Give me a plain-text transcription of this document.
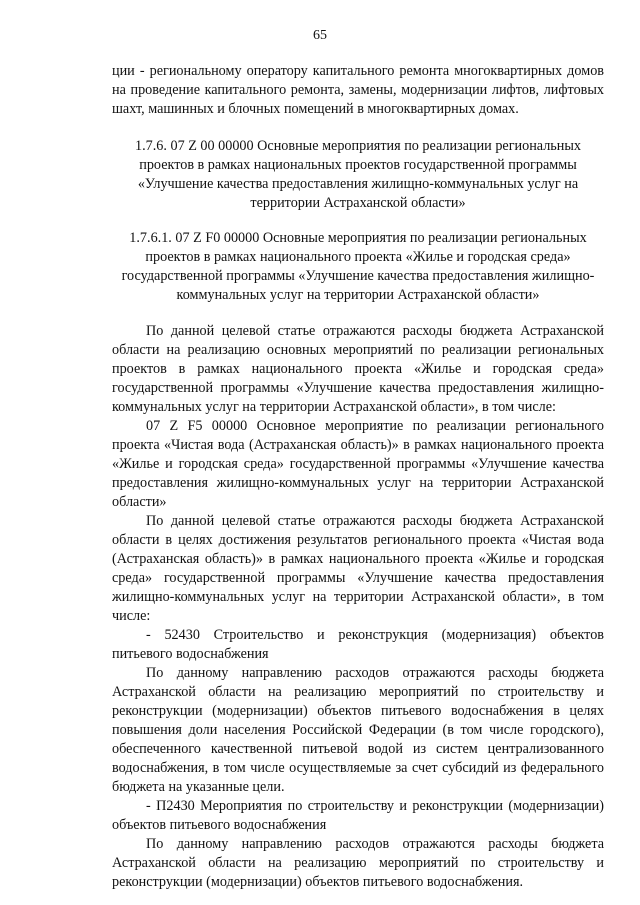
65

ции - региональному оператору капитального ремонта многоквартирных домов на проведение капитального ремонта, замены, модернизации лифтов, лифтовых шахт, машинных и блочных помещений в многоквартирных домах.

1.7.6. 07 Z 00 00000 Основные мероприятия по реализации региональных проектов в рамках национальных проектов государственной программы «Улучшение качества предоставления жилищно-коммунальных услуг на территории Астраханской области»

1.7.6.1. 07 Z F0 00000 Основные мероприятия по реализации региональных проектов в рамках национального проекта «Жилье и городская среда» государственной программы «Улучшение качества предоставления жилищно-коммунальных услуг на территории Астраханской области»

По данной целевой статье отражаются расходы бюджета Астраханской области на реализацию основных мероприятий по реализации региональных проектов в рамках национального проекта «Жилье и городская среда» государственной программы «Улучшение качества предоставления жилищно-коммунальных услуг на территории Астраханской области», в том числе:

07 Z F5 00000 Основное мероприятие по реализации регионального проекта «Чистая вода (Астраханская область)» в рамках национального проекта «Жилье и городская среда» государственной программы «Улучшение качества предоставления жилищно-коммунальных услуг на территории Астраханской области»

По данной целевой статье отражаются расходы бюджета Астраханской области в целях достижения результатов регионального проекта «Чистая вода (Астраханская область)» в рамках национального проекта «Жилье и городская среда» государственной программы «Улучшение качества предоставления жилищно-коммунальных услуг на территории Астраханской области», в том числе:

- 52430 Строительство и реконструкция (модернизация) объектов питьевого водоснабжения

По данному направлению расходов отражаются расходы бюджета Астраханской области на реализацию мероприятий по строительству и реконструкции (модернизации) объектов питьевого водоснабжения в целях повышения доли населения Российской Федерации (в том числе городского), обеспеченного качественной питьевой водой из систем централизованного водоснабжения, в том числе осуществляемые за счет субсидий из федерального бюджета на указанные цели.

- П2430 Мероприятия по строительству и реконструкции (модернизации) объектов питьевого водоснабжения

По данному направлению расходов отражаются расходы бюджета Астраханской области на реализацию мероприятий по строительству и реконструкции (модернизации) объектов питьевого водоснабжения.
